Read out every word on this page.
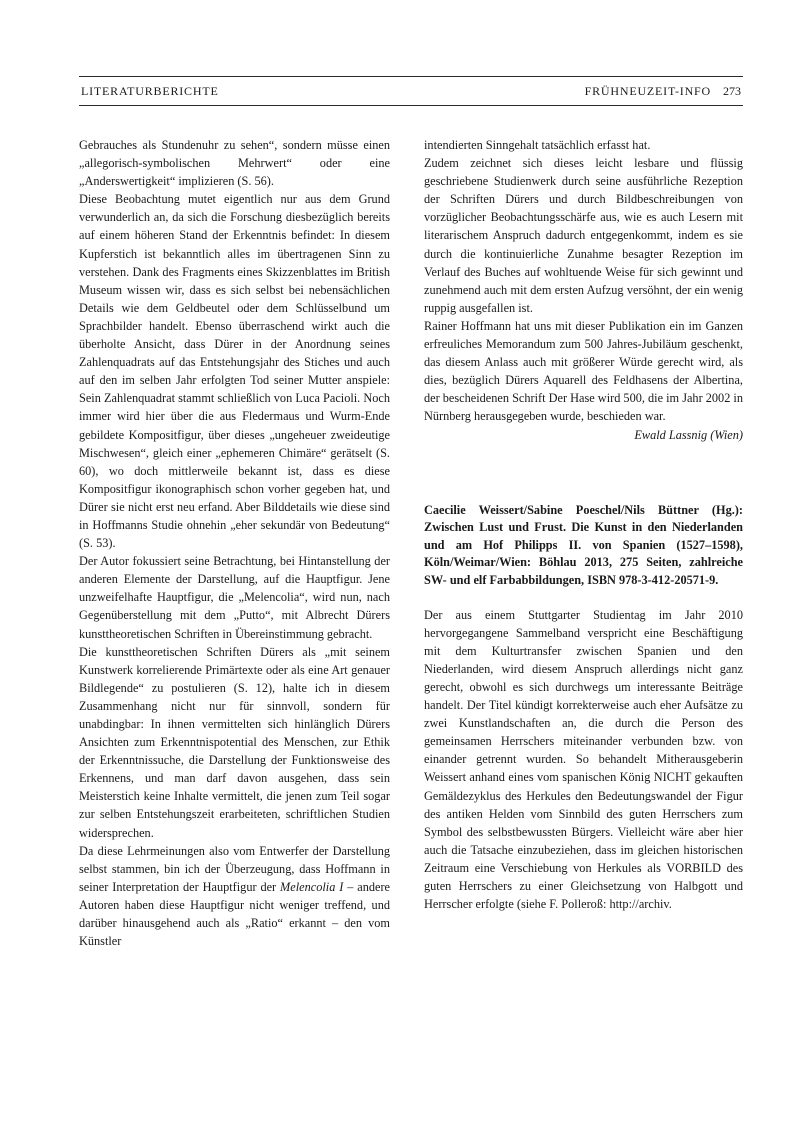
LITERATURBERICHTE	FRÜHNEUZEIT-INFO 273

Gebrauches als Stundenuhr zu sehen“, sondern müsse einen „allegorisch-symbolischen Mehrwert“ oder eine „Anderswertigkeit“ implizieren (S. 56).

Diese Beobachtung mutet eigentlich nur aus dem Grund verwunderlich an, da sich die Forschung diesbezüglich bereits auf einem höheren Stand der Erkenntnis befindet: In diesem Kupferstich ist bekanntlich alles im übertragenen Sinn zu verstehen. Dank des Fragments eines Skizzenblattes im British Museum wissen wir, dass es sich selbst bei nebensächlichen Details wie dem Geldbeutel oder dem Schlüsselbund um Sprachbilder handelt. Ebenso überraschend wirkt auch die überholte Ansicht, dass Dürer in der Anordnung seines Zahlenquadrats auf das Entstehungsjahr des Stiches und auch auf den im selben Jahr erfolgten Tod seiner Mutter anspiele: Sein Zahlenquadrat stammt schließlich von Luca Pacioli. Noch immer wird hier über die aus Fledermaus und Wurm-Ende gebildete Kompositfigur, über dieses „ungeheuer zweideutige Mischwesen“, gleich einer „ephemeren Chimäre“ gerätselt (S. 60), wo doch mittlerweile bekannt ist, dass es diese Kompositfigur ikonographisch schon vorher gegeben hat, und Dürer sie nicht erst neu erfand. Aber Bilddetails wie diese sind in Hoffmanns Studie ohnehin „eher sekundär von Bedeutung“ (S. 53).

Der Autor fokussiert seine Betrachtung, bei Hintanstellung der anderen Elemente der Darstellung, auf die Hauptfigur. Jene unzweifelhafte Hauptfigur, die „Melencolia“, wird nun, nach Gegenüberstellung mit dem „Putto“, mit Albrecht Dürers kunsttheoretischen Schriften in Übereinstimmung gebracht.

Die kunsttheoretischen Schriften Dürers als „mit seinem Kunstwerk korrelierende Primärtexte oder als eine Art genauer Bildlegende“ zu postulieren (S. 12), halte ich in diesem Zusammenhang nicht nur für sinnvoll, sondern für unabdingbar: In ihnen vermittelten sich hinlänglich Dürers Ansichten zum Erkenntnispotential des Menschen, zur Ethik der Erkenntnissuche, die Darstellung der Funktionsweise des Erkennens, und man darf davon ausgehen, dass sein Meisterstich keine Inhalte vermittelt, die jenen zum Teil sogar zur selben Entstehungszeit erarbeiteten, schriftlichen Studien widersprechen.

Da diese Lehrmeinungen also vom Entwerfer der Darstellung selbst stammen, bin ich der Überzeugung, dass Hoffmann in seiner Interpretation der Hauptfigur der Melencolia I – andere Autoren haben diese Hauptfigur nicht weniger treffend, und darüber hinausgehend auch als „Ratio“ erkannt – den vom Künstler

intendierten Sinngehalt tatsächlich erfasst hat.

Zudem zeichnet sich dieses leicht lesbare und flüssig geschriebene Studienwerk durch seine ausführliche Rezeption der Schriften Dürers und durch Bildbeschreibungen von vorzüglicher Beobachtungsschärfe aus, wie es auch Lesern mit literarischem Anspruch dadurch entgegenkommt, indem es sie durch die kontinuierliche Zunahme besagter Rezeption im Verlauf des Buches auf wohltuende Weise für sich gewinnt und zunehmend auch mit dem ersten Aufzug versöhnt, der ein wenig ruppig ausgefallen ist.

Rainer Hoffmann hat uns mit dieser Publikation ein im Ganzen erfreuliches Memorandum zum 500 Jahres-Jubiläum geschenkt, das diesem Anlass auch mit größerer Würde gerecht wird, als dies, bezüglich Dürers Aquarell des Feldhasens der Albertina, der bescheidenen Schrift Der Hase wird 500, die im Jahr 2002 in Nürnberg herausgegeben wurde, beschieden war.

Ewald Lassnig (Wien)

Caecilie Weissert/Sabine Poeschel/Nils Büttner (Hg.): Zwischen Lust und Frust. Die Kunst in den Niederlanden und am Hof Philipps II. von Spanien (1527–1598), Köln/Weimar/Wien: Böhlau 2013, 275 Seiten, zahlreiche SW- und elf Farbabbildungen, ISBN 978-3-412-20571-9.

Der aus einem Stuttgarter Studientag im Jahr 2010 hervorgegangene Sammelband verspricht eine Beschäftigung mit dem Kulturtransfer zwischen Spanien und den Niederlanden, wird diesem Anspruch allerdings nicht ganz gerecht, obwohl es sich durchwegs um interessante Beiträge handelt. Der Titel kündigt korrekterweise auch eher Aufsätze zu zwei Kunstlandschaften an, die durch die Person des gemeinsamen Herrschers miteinander verbunden bzw. von einander getrennt wurden. So behandelt Mitherausgeberin Weissert anhand eines vom spanischen König NICHT gekauften Gemäldezyklus des Herkules den Bedeutungswandel der Figur des antiken Helden vom Sinnbild des guten Herrschers zum Symbol des selbstbewussten Bürgers. Vielleicht wäre aber hier auch die Tatsache einzubeziehen, dass im gleichen historischen Zeitraum eine Verschiebung von Herkules als VORBILD des guten Herrschers zu einer Gleichsetzung von Halbgott und Herrscher erfolgte (siehe F. Polleroß: http://archiv.
